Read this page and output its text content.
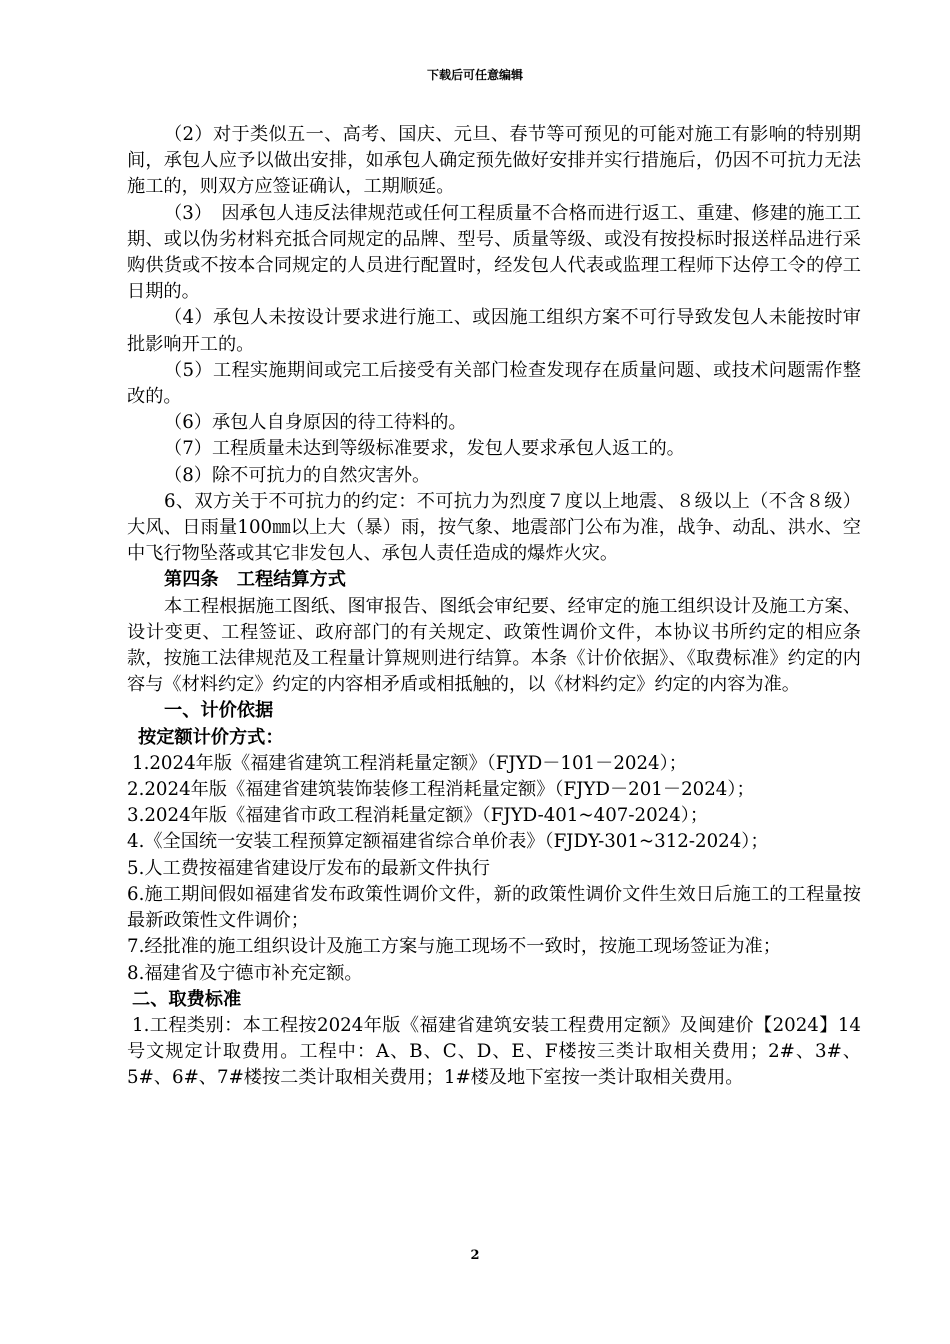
下载后可任意编辑

（2）对于类似五一、高考、国庆、元旦、春节等可预见的可能对施工有影响的特别期间，承包人应予以做出安排，如承包人确定预先做好安排并实行措施后，仍因不可抗力无法施工的，则双方应签证确认，工期顺延。

（3）　因承包人违反法律规范或任何工程质量不合格而进行返工、重建、修建的施工工期、或以伪劣材料充抵合同规定的品牌、型号、质量等级、或没有按投标时报送样品进行采购供货或不按本合同规定的人员进行配置时，经发包人代表或监理工程师下达停工令的停工日期的。

（4）承包人未按设计要求进行施工、或因施工组织方案不可行导致发包人未能按时审批影响开工的。

（5）工程实施期间或完工后接受有关部门检查发现存在质量问题、或技术问题需作整改的。

（6）承包人自身原因的待工待料的。

（7）工程质量未达到等级标准要求，发包人要求承包人返工的。

（8）除不可抗力的自然灾害外。

6、双方关于不可抗力的约定：不可抗力为烈度７度以上地震、８级以上（不含８级）大风、日雨量100㎜以上大（暴）雨，按气象、地震部门公布为准，战争、动乱、洪水、空中飞行物坠落或其它非发包人、承包人责任造成的爆炸火灾。

第四条　工程结算方式

本工程根据施工图纸、图审报告、图纸会审纪要、经审定的施工组织设计及施工方案、设计变更、工程签证、政府部门的有关规定、政策性调价文件，本协议书所约定的相应条款，按施工法律规范及工程量计算规则进行结算。本条《计价依据》、《取费标准》约定的内容与《材料约定》约定的内容相矛盾或相抵触的，以《材料约定》约定的内容为准。

一、计价依据

按定额计价方式：

1.2024年版《福建省建筑工程消耗量定额》（FJYD－101－2024）；

2.2024年版《福建省建筑装饰装修工程消耗量定额》（FJYD－201－2024）；

3.2024年版《福建省市政工程消耗量定额》（FJYD-401~407-2024）；

4.《全国统一安装工程预算定额福建省综合单价表》（FJDY-301~312-2024）；

5.人工费按福建省建设厅发布的最新文件执行

6.施工期间假如福建省发布政策性调价文件，新的政策性调价文件生效日后施工的工程量按最新政策性文件调价；

7.经批准的施工组织设计及施工方案与施工现场不一致时，按施工现场签证为准；

8.福建省及宁德市补充定额。

二、取费标准

1.工程类别：本工程按2024年版《福建省建筑安装工程费用定额》及闽建价【2024】14号文规定计取费用。工程中：A、B、C、D、E、F楼按三类计取相关费用；2#、3#、5#、6#、7#楼按二类计取相关费用；1#楼及地下室按一类计取相关费用。

2
